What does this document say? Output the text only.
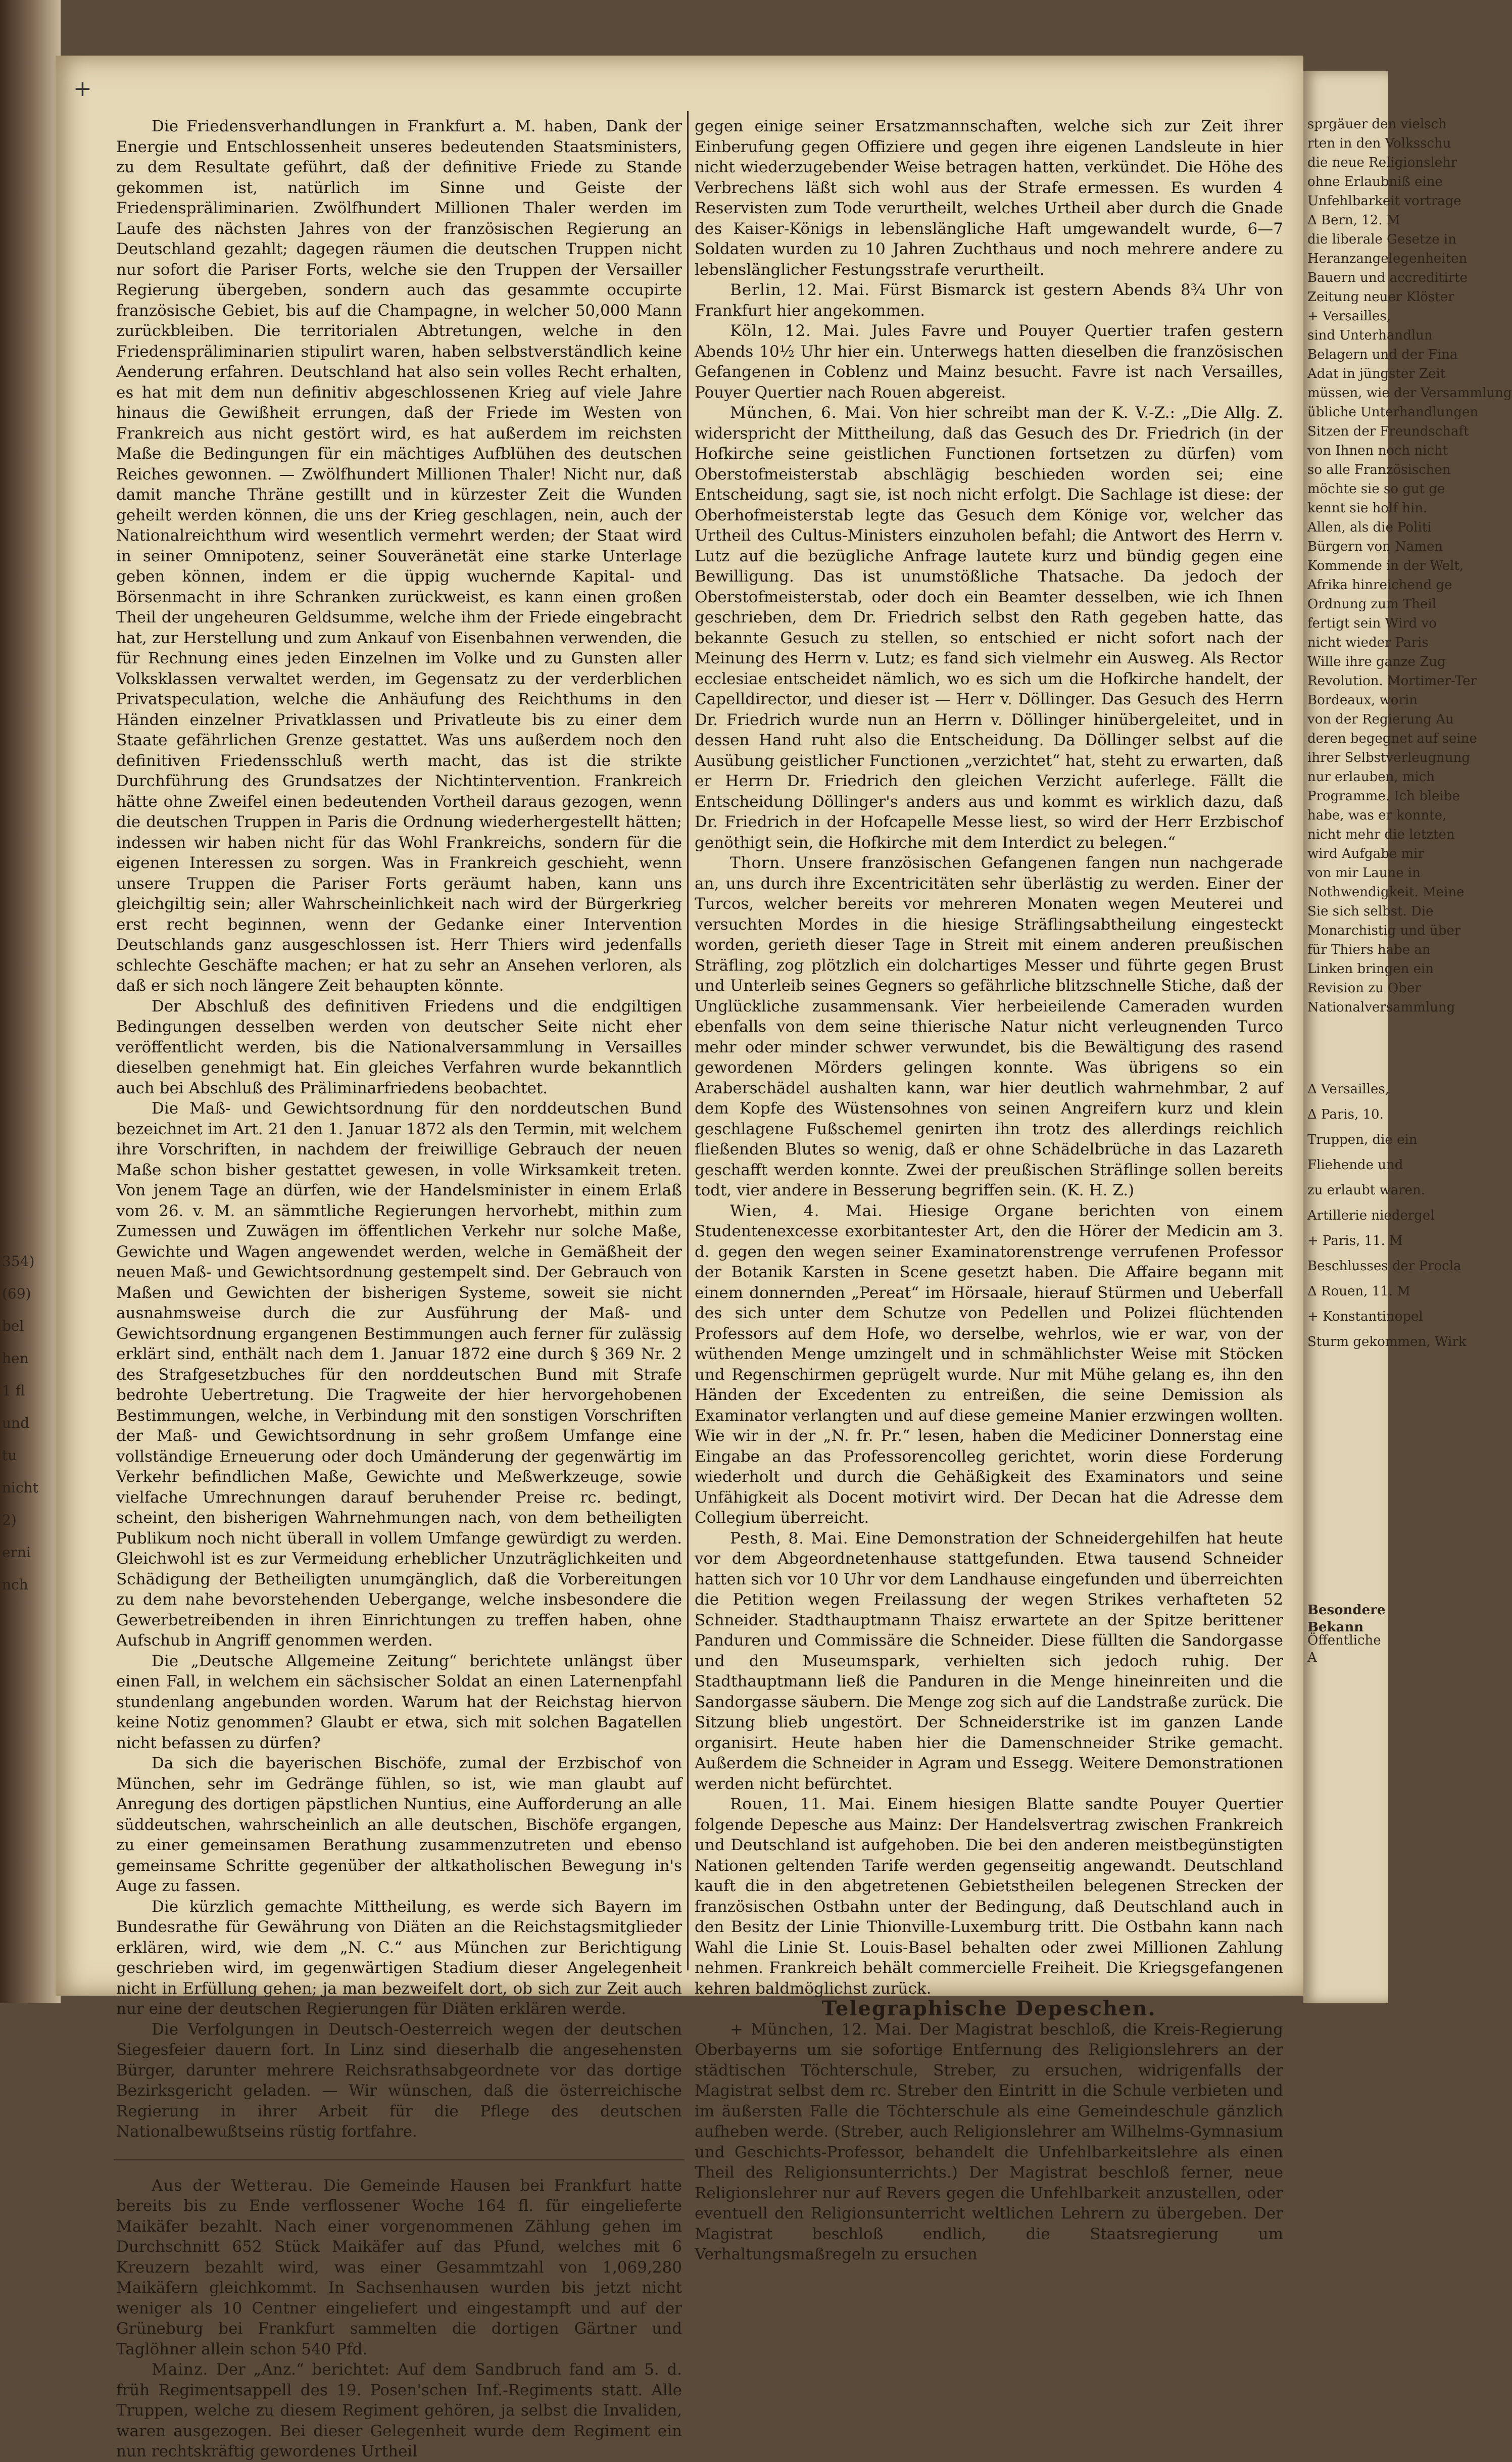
354)
(69)
bel
hen
1 fl
und
tu
nicht
2)
erni
nch
+

Die Friedensverhandlungen in Frankfurt a. M. haben, Dank der Energie und Entschlossenheit unseres bedeutenden Staatsministers, zu dem Resultate geführt, daß der definitive Friede zu Stande gekommen ist, natürlich im Sinne und Geiste der Friedenspräliminarien. Zwölfhundert Millionen Thaler werden im Laufe des nächsten Jahres von der französischen Regierung an Deutschland gezahlt; dagegen räumen die deutschen Truppen nicht nur sofort die Pariser Forts, welche sie den Truppen der Versailler Regierung übergeben, sondern auch das gesammte occupirte französische Gebiet, bis auf die Champagne, in welcher 50,000 Mann zurückbleiben. Die territorialen Abtretungen, welche in den Friedenspräliminarien stipulirt waren, haben selbstverständlich keine Aenderung erfahren. Deutschland hat also sein volles Recht erhalten, es hat mit dem nun definitiv abgeschlossenen Krieg auf viele Jahre hinaus die Gewißheit errungen, daß der Friede im Westen von Frankreich aus nicht gestört wird, es hat außerdem im reichsten Maße die Bedingungen für ein mächtiges Aufblühen des deutschen Reiches gewonnen. — Zwölfhundert Millionen Thaler! Nicht nur, daß damit manche Thräne gestillt und in kürzester Zeit die Wunden geheilt werden können, die uns der Krieg geschlagen, nein, auch der Nationalreichthum wird wesentlich vermehrt werden; der Staat wird in seiner Omnipotenz, seiner Souveränetät eine starke Unterlage geben können, indem er die üppig wuchernde Kapital- und Börsenmacht in ihre Schranken zurückweist, es kann einen großen Theil der ungeheuren Geldsumme, welche ihm der Friede eingebracht hat, zur Herstellung und zum Ankauf von Eisenbahnen verwenden, die für Rechnung eines jeden Einzelnen im Volke und zu Gunsten aller Volksklassen verwaltet werden, im Gegensatz zu der verderblichen Privatspeculation, welche die Anhäufung des Reichthums in den Händen einzelner Privatklassen und Privatleute bis zu einer dem Staate gefährlichen Grenze gestattet. Was uns außerdem noch den definitiven Friedensschluß werth macht, das ist die strikte Durchführung des Grundsatzes der Nichtintervention. Frankreich hätte ohne Zweifel einen bedeutenden Vortheil daraus gezogen, wenn die deutschen Truppen in Paris die Ordnung wiederhergestellt hätten; indessen wir haben nicht für das Wohl Frankreichs, sondern für die eigenen Interessen zu sorgen. Was in Frankreich geschieht, wenn unsere Truppen die Pariser Forts geräumt haben, kann uns gleichgiltig sein; aller Wahrscheinlichkeit nach wird der Bürgerkrieg erst recht beginnen, wenn der Gedanke einer Intervention Deutschlands ganz ausgeschlossen ist. Herr Thiers wird jedenfalls schlechte Geschäfte machen; er hat zu sehr an Ansehen verloren, als daß er sich noch längere Zeit behaupten könnte.

Der Abschluß des definitiven Friedens und die endgiltigen Bedingungen desselben werden von deutscher Seite nicht eher veröffentlicht werden, bis die Nationalversammlung in Versailles dieselben genehmigt hat. Ein gleiches Verfahren wurde bekanntlich auch bei Abschluß des Präliminarfriedens beobachtet.

Die Maß- und Gewichtsordnung für den norddeutschen Bund bezeichnet im Art. 21 den 1. Januar 1872 als den Termin, mit welchem ihre Vorschriften, in nachdem der freiwillige Gebrauch der neuen Maße schon bisher gestattet gewesen, in volle Wirksamkeit treten. Von jenem Tage an dürfen, wie der Handelsminister in einem Erlaß vom 26. v. M. an sämmtliche Regierungen hervorhebt, mithin zum Zumessen und Zuwägen im öffentlichen Verkehr nur solche Maße, Gewichte und Wagen angewendet werden, welche in Gemäßheit der neuen Maß- und Gewichtsordnung gestempelt sind. Der Gebrauch von Maßen und Gewichten der bisherigen Systeme, soweit sie nicht ausnahmsweise durch die zur Ausführung der Maß- und Gewichtsordnung ergangenen Bestimmungen auch ferner für zulässig erklärt sind, enthält nach dem 1. Januar 1872 eine durch § 369 Nr. 2 des Strafgesetzbuches für den norddeutschen Bund mit Strafe bedrohte Uebertretung. Die Tragweite der hier hervorgehobenen Bestimmungen, welche, in Verbindung mit den sonstigen Vorschriften der Maß- und Gewichtsordnung in sehr großem Umfange eine vollständige Erneuerung oder doch Umänderung der gegenwärtig im Verkehr befindlichen Maße, Gewichte und Meßwerkzeuge, sowie vielfache Umrechnungen darauf beruhender Preise rc. bedingt, scheint, den bisherigen Wahrnehmungen nach, von dem betheiligten Publikum noch nicht überall in vollem Umfange gewürdigt zu werden. Gleichwohl ist es zur Vermeidung erheblicher Unzuträglichkeiten und Schädigung der Betheiligten unumgänglich, daß die Vorbereitungen zu dem nahe bevorstehenden Uebergange, welche insbesondere die Gewerbetreibenden in ihren Einrichtungen zu treffen haben, ohne Aufschub in Angriff genommen werden.

Die „Deutsche Allgemeine Zeitung“ berichtete unlängst über einen Fall, in welchem ein sächsischer Soldat an einen Laternenpfahl stundenlang angebunden worden. Warum hat der Reichstag hiervon keine Notiz genommen? Glaubt er etwa, sich mit solchen Bagatellen nicht befassen zu dürfen?

Da sich die bayerischen Bischöfe, zumal der Erzbischof von München, sehr im Gedränge fühlen, so ist, wie man glaubt auf Anregung des dortigen päpstlichen Nuntius, eine Aufforderung an alle süddeutschen, wahrscheinlich an alle deutschen, Bischöfe ergangen, zu einer gemeinsamen Berathung zusammenzutreten und ebenso gemeinsame Schritte gegenüber der altkatholischen Bewegung in's Auge zu fassen.

Die kürzlich gemachte Mittheilung, es werde sich Bayern im Bundesrathe für Gewährung von Diäten an die Reichstagsmitglieder erklären, wird, wie dem „N. C.“ aus München zur Berichtigung geschrieben wird, im gegenwärtigen Stadium dieser Angelegenheit nicht in Erfüllung gehen; ja man bezweifelt dort, ob sich zur Zeit auch nur eine der deutschen Regierungen für Diäten erklären werde.

Die Verfolgungen in Deutsch-Oesterreich wegen der deutschen Siegesfeier dauern fort. In Linz sind dieserhalb die angesehensten Bürger, darunter mehrere Reichsrathsabgeordnete vor das dortige Bezirksgericht geladen. — Wir wünschen, daß die österreichische Regierung in ihrer Arbeit für die Pflege des deutschen Nationalbewußtseins rüstig fortfahre.

Aus der Wetterau. Die Gemeinde Hausen bei Frankfurt hatte bereits bis zu Ende verflossener Woche 164 fl. für eingelieferte Maikäfer bezahlt. Nach einer vorgenommenen Zählung gehen im Durchschnitt 652 Stück Maikäfer auf das Pfund, welches mit 6 Kreuzern bezahlt wird, was einer Gesammtzahl von 1,069,280 Maikäfern gleichkommt. In Sachsenhausen wurden bis jetzt nicht weniger als 10 Centner eingeliefert und eingestampft und auf der Grüneburg bei Frankfurt sammelten die dortigen Gärtner und Taglöhner allein schon 540 Pfd.

Mainz. Der „Anz.“ berichtet: Auf dem Sandbruch fand am 5. d. früh Regimentsappell des 19. Posen'schen Inf.-Regiments statt. Alle Truppen, welche zu diesem Regiment gehören, ja selbst die Invaliden, waren ausgezogen. Bei dieser Gelegenheit wurde dem Regiment ein nun rechtskräftig gewordenes Urtheil

gegen einige seiner Ersatzmannschaften, welche sich zur Zeit ihrer Einberufung gegen Offiziere und gegen ihre eigenen Landsleute in hier nicht wiederzugebender Weise betragen hatten, verkündet. Die Höhe des Verbrechens läßt sich wohl aus der Strafe ermessen. Es wurden 4 Reservisten zum Tode verurtheilt, welches Urtheil aber durch die Gnade des Kaiser-Königs in lebenslängliche Haft umgewandelt wurde, 6—7 Soldaten wurden zu 10 Jahren Zuchthaus und noch mehrere andere zu lebenslänglicher Festungsstrafe verurtheilt.

Berlin, 12. Mai. Fürst Bismarck ist gestern Abends 8¾ Uhr von Frankfurt hier angekommen.

Köln, 12. Mai. Jules Favre und Pouyer Quertier trafen gestern Abends 10½ Uhr hier ein. Unterwegs hatten dieselben die französischen Gefangenen in Coblenz und Mainz besucht. Favre ist nach Versailles, Pouyer Quertier nach Rouen abgereist.

München, 6. Mai. Von hier schreibt man der K. V.-Z.: „Die Allg. Z. widerspricht der Mittheilung, daß das Gesuch des Dr. Friedrich (in der Hofkirche seine geistlichen Functionen fortsetzen zu dürfen) vom Oberstofmeisterstab abschlägig beschieden worden sei; eine Entscheidung, sagt sie, ist noch nicht erfolgt. Die Sachlage ist diese: der Oberhofmeisterstab legte das Gesuch dem Könige vor, welcher das Urtheil des Cultus-Ministers einzuholen befahl; die Antwort des Herrn v. Lutz auf die bezügliche Anfrage lautete kurz und bündig gegen eine Bewilligung. Das ist unumstößliche Thatsache. Da jedoch der Oberstofmeisterstab, oder doch ein Beamter desselben, wie ich Ihnen geschrieben, dem Dr. Friedrich selbst den Rath gegeben hatte, das bekannte Gesuch zu stellen, so entschied er nicht sofort nach der Meinung des Herrn v. Lutz; es fand sich vielmehr ein Ausweg. Als Rector ecclesiae entscheidet nämlich, wo es sich um die Hofkirche handelt, der Capelldirector, und dieser ist — Herr v. Döllinger. Das Gesuch des Herrn Dr. Friedrich wurde nun an Herrn v. Döllinger hinübergeleitet, und in dessen Hand ruht also die Entscheidung. Da Döllinger selbst auf die Ausübung geistlicher Functionen „verzichtet“ hat, steht zu erwarten, daß er Herrn Dr. Friedrich den gleichen Verzicht auferlege. Fällt die Entscheidung Döllinger's anders aus und kommt es wirklich dazu, daß Dr. Friedrich in der Hofcapelle Messe liest, so wird der Herr Erzbischof genöthigt sein, die Hofkirche mit dem Interdict zu belegen.“

Thorn. Unsere französischen Gefangenen fangen nun nachgerade an, uns durch ihre Excentricitäten sehr überlästig zu werden. Einer der Turcos, welcher bereits vor mehreren Monaten wegen Meuterei und versuchten Mordes in die hiesige Sträflingsabtheilung eingesteckt worden, gerieth dieser Tage in Streit mit einem anderen preußischen Sträfling, zog plötzlich ein dolchartiges Messer und führte gegen Brust und Unterleib seines Gegners so gefährliche blitzschnelle Stiche, daß der Unglückliche zusammensank. Vier herbeieilende Cameraden wurden ebenfalls von dem seine thierische Natur nicht verleugnenden Turco mehr oder minder schwer verwundet, bis die Bewältigung des rasend gewordenen Mörders gelingen konnte. Was übrigens so ein Araberschädel aushalten kann, war hier deutlich wahrnehmbar, 2 auf dem Kopfe des Wüstensohnes von seinen Angreifern kurz und klein geschlagene Fußschemel genirten ihn trotz des allerdings reichlich fließenden Blutes so wenig, daß er ohne Schädelbrüche in das Lazareth geschafft werden konnte. Zwei der preußischen Sträflinge sollen bereits todt, vier andere in Besserung begriffen sein. (K. H. Z.)

Wien, 4. Mai. Hiesige Organe berichten von einem Studentenexcesse exorbitantester Art, den die Hörer der Medicin am 3. d. gegen den wegen seiner Examinatorenstrenge verrufenen Professor der Botanik Karsten in Scene gesetzt haben. Die Affaire begann mit einem donnernden „Pereat“ im Hörsaale, hierauf Stürmen und Ueberfall des sich unter dem Schutze von Pedellen und Polizei flüchtenden Professors auf dem Hofe, wo derselbe, wehrlos, wie er war, von der wüthenden Menge umzingelt und in schmählichster Weise mit Stöcken und Regenschirmen geprügelt wurde. Nur mit Mühe gelang es, ihn den Händen der Excedenten zu entreißen, die seine Demission als Examinator verlangten und auf diese gemeine Manier erzwingen wollten. Wie wir in der „N. fr. Pr.“ lesen, haben die Mediciner Donnerstag eine Eingabe an das Professorencolleg gerichtet, worin diese Forderung wiederholt und durch die Gehäßigkeit des Examinators und seine Unfähigkeit als Docent motivirt wird. Der Decan hat die Adresse dem Collegium überreicht.

Pesth, 8. Mai. Eine Demonstration der Schneidergehilfen hat heute vor dem Abgeordnetenhause stattgefunden. Etwa tausend Schneider hatten sich vor 10 Uhr vor dem Landhause eingefunden und überreichten die Petition wegen Freilassung der wegen Strikes verhafteten 52 Schneider. Stadthauptmann Thaisz erwartete an der Spitze berittener Panduren und Commissäre die Schneider. Diese füllten die Sandorgasse und den Museumspark, verhielten sich jedoch ruhig. Der Stadthauptmann ließ die Panduren in die Menge hineinreiten und die Sandorgasse säubern. Die Menge zog sich auf die Landstraße zurück. Die Sitzung blieb ungestört. Der Schneiderstrike ist im ganzen Lande organisirt. Heute haben hier die Damenschneider Strike gemacht. Außerdem die Schneider in Agram und Essegg. Weitere Demonstrationen werden nicht befürchtet.

Rouen, 11. Mai. Einem hiesigen Blatte sandte Pouyer Quertier folgende Depesche aus Mainz: Der Handelsvertrag zwischen Frankreich und Deutschland ist aufgehoben. Die bei den anderen meistbegünstigten Nationen geltenden Tarife werden gegenseitig angewandt. Deutschland kauft die in den abgetretenen Gebietstheilen belegenen Strecken der französischen Ostbahn unter der Bedingung, daß Deutschland auch in den Besitz der Linie Thionville-Luxemburg tritt. Die Ostbahn kann nach Wahl die Linie St. Louis-Basel behalten oder zwei Millionen Zahlung nehmen. Frankreich behält commercielle Freiheit. Die Kriegsgefangenen kehren baldmöglichst zurück.

Telegraphische Depeschen.

+ München, 12. Mai. Der Magistrat beschloß, die Kreis-Regierung Oberbayerns um sie sofortige Entfernung des Religionslehrers an der städtischen Töchterschule, Streber, zu ersuchen, widrigenfalls der Magistrat selbst dem rc. Streber den Eintritt in die Schule verbieten und im äußersten Falle die Töchterschule als eine Gemeindeschule gänzlich aufheben werde. (Streber, auch Religionslehrer am Wilhelms-Gymnasium und Geschichts-Professor, behandelt die Unfehlbarkeitslehre als einen Theil des Religionsunterrichts.) Der Magistrat beschloß ferner, neue Religionslehrer nur auf Revers gegen die Unfehlbarkeit anzustellen, oder eventuell den Religionsunterricht weltlichen Lehrern zu übergeben. Der Magistrat beschloß endlich, die Staatsregierung um Verhaltungsmaßregeln zu ersuchen

sprgäuer den vielsch
rten in den Volksschu
die neue Religionslehr
ohne Erlaubniß eine
Unfehlbarkeit vortrage
Δ Bern, 12. M
die liberale Gesetze in
Heranzangelegenheiten
Bauern und accreditirte
Zeitung neuer Klöster
+ Versailles,
sind Unterhandlun
Belagern und der Fina
Adat in jüngster Zeit
müssen, wie der Versammlung
übliche Unterhandlungen
Sitzen der Freundschaft
von Ihnen noch nicht
so alle Französischen
möchte sie so gut ge
kennt sie holf hin.
Allen, als die Politi
Bürgern von Namen
Kommende in der Welt,
Afrika hinreichend ge
Ordnung zum Theil
fertigt sein Wird vo
nicht wieder Paris
Wille ihre ganze Zug
Revolution. Mortimer-Ter
Bordeaux, worin
von der Regierung Au
deren begegnet auf seine
ihrer Selbstverleugnung
nur erlauben, mich
Programme. Ich bleibe
habe, was er konnte,
nicht mehr die letzten
wird Aufgabe mir
von mir Laune in
Nothwendigkeit. Meine
Sie sich selbst. Die
Monarchistig und über
für Thiers habe an
Linken bringen ein
Revision zu Ober
Nationalversammlung
Δ Versailles,
Δ Paris, 10.
Truppen, die ein
Fliehende und
zu erlaubt waren.
Artillerie niedergel
+ Paris, 11. M
Beschlusses der Procla
Δ Rouen, 11. M
+ Konstantinopel
Sturm gekommen, Wirk
Besondere Bekann
Öffentliche A
